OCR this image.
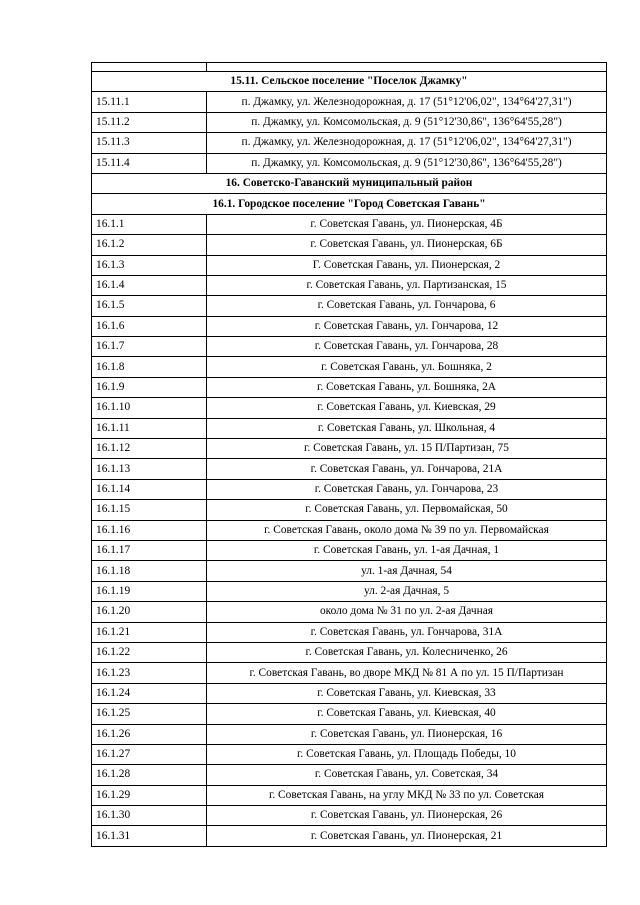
15.11. Сельское поселение "Поселок Джамку"	
15.11.1	п. Джамку, ул. Железнодорожная, д. 17 (51°12'06,02", 134°64'27,31")
15.11.2	п. Джамку, ул. Комсомольская, д. 9 (51°12'30,86", 136°64'55,28")
15.11.3	п. Джамку, ул. Железнодорожная, д. 17 (51°12'06,02", 134°64'27,31")
15.11.4	п. Джамку, ул. Комсомольская, д. 9 (51°12'30,86", 136°64'55,28")
16. Советско-Гаванский муниципальный район	
16.1. Городское поселение "Город Советская Гавань"	
16.1.1	г. Советская Гавань, ул. Пионерская, 4Б
16.1.2	г. Советская Гавань, ул. Пионерская, 6Б
16.1.3	Г. Советская Гавань, ул. Пионерская, 2
16.1.4	г. Советская Гавань, ул. Партизанская, 15
16.1.5	г. Советская Гавань, ул. Гончарова, 6
16.1.6	г. Советская Гавань, ул. Гончарова, 12
16.1.7	г. Советская Гавань, ул. Гончарова, 28
16.1.8	г. Советская Гавань, ул. Бошняка, 2
16.1.9	г. Советская Гавань, ул. Бошняка, 2А
16.1.10	г. Советская Гавань, ул. Киевская, 29
16.1.11	г. Советская Гавань, ул. Школьная, 4
16.1.12	г. Советская Гавань, ул. 15 П/Партизан, 75
16.1.13	г. Советская Гавань, ул. Гончарова, 21А
16.1.14	г. Советская Гавань, ул. Гончарова, 23
16.1.15	г. Советская Гавань, ул. Первомайская, 50
16.1.16	г. Советская Гавань, около дома № 39 по ул. Первомайская
16.1.17	г. Советская Гавань, ул. 1-ая Дачная, 1
16.1.18	ул. 1-ая Дачная, 54
16.1.19	ул. 2-ая Дачная, 5
16.1.20	около дома № 31 по ул. 2-ая Дачная
16.1.21	г. Советская Гавань, ул. Гончарова, 31А
16.1.22	г. Советская Гавань, ул. Колесниченко, 26
16.1.23	г. Советская Гавань, во дворе МКД № 81 А по ул. 15 П/Партизан
16.1.24	г. Советская Гавань, ул. Киевская, 33
16.1.25	г. Советская Гавань, ул. Киевская, 40
16.1.26	г. Советская Гавань, ул. Пионерская, 16
16.1.27	г. Советская Гавань, ул. Площадь Победы, 10
16.1.28	г. Советская Гавань, ул. Советская, 34
16.1.29	г. Советская Гавань, на углу МКД № 33 по ул. Советская
16.1.30	г. Советская Гавань, ул. Пионерская, 26
16.1.31	г. Советская Гавань, ул. Пионерская, 21
